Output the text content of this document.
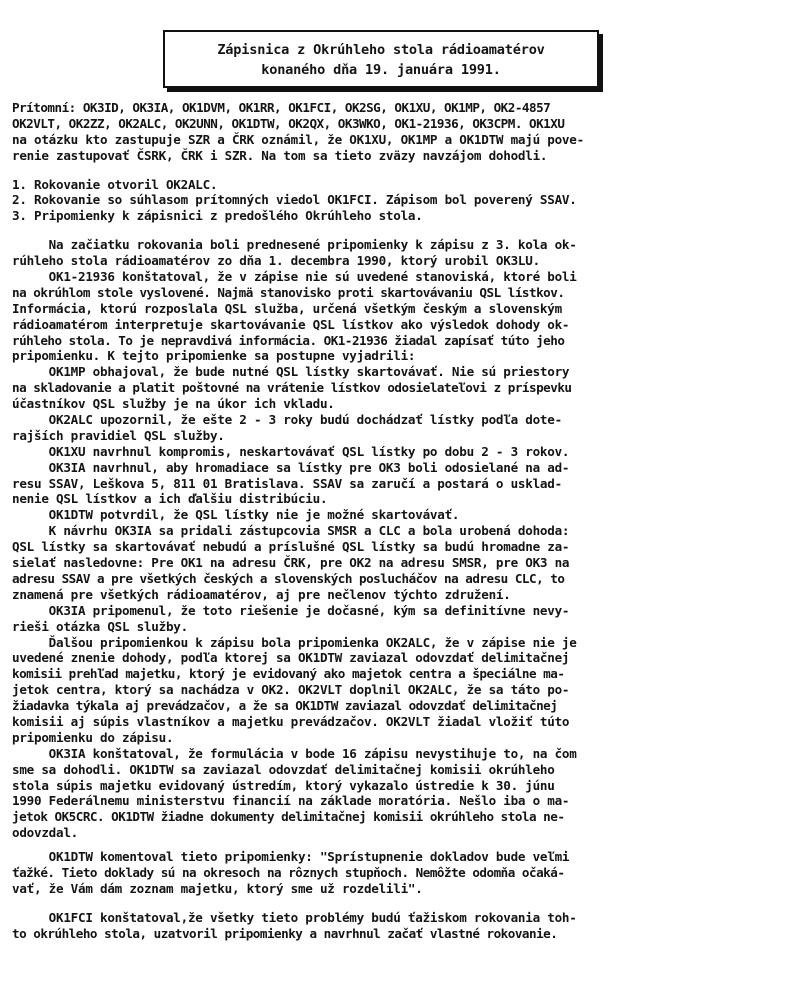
Zápisnica z Okrúhleho stola rádioamatérov
konaného dňa 19. januára 1991.
Prítomní: OK3ID, OK3IA, OK1DVM, OK1RR, OK1FCI, OK2SG, OK1XU, OK1MP, OK2-4857
OK2VLT, OK2ZZ, OK2ALC, OK2UNN, OK1DTW, OK2QX, OK3WKO, OK1-21936, OK3CPM. OK1XU
na otázku kto zastupuje SZR a ČRK oznámil, že OK1XU, OK1MP a OK1DTW majú pove-
renie zastupovať ČSRK, ČRK i SZR. Na tom sa tieto zväzy navzájom dohodli.
1. Rokovanie otvoril OK2ALC.
2. Rokovanie so súhlasom prítomných viedol OK1FCI. Zápisom bol poverený SSAV.
3. Pripomienky k zápisnici z predošlého Okrúhleho stola.
Na začiatku rokovania boli prednesené pripomienky k zápisu z 3. kola ok-
rúhleho stola rádioamatérov zo dňa 1. decembra 1990, ktorý urobil OK3LU.
OK1-21936 konštatoval, že v zápise nie sú uvedené stanoviská, ktoré boli
na okrúhlom stole vyslovené. Najmä stanovisko proti skartovávaniu QSL lístkov.
Informácia, ktorú rozposlala QSL služba, určená všetkým českým a slovenským
rádioamatérom interpretuje skartovávanie QSL lístkov ako výsledok dohody ok-
rúhleho stola. To je nepravdivá informácia. OK1-21936 žiadal zapísať túto jeho
pripomienku. K tejto pripomienke sa postupne vyjadrili:
OK1MP obhajoval, že bude nutné QSL lístky skartovávať. Nie sú priestory
na skladovanie a platit poštovné na vrátenie lístkov odosielateľovi z príspevku
účastníkov QSL služby je na úkor ich vkladu.
OK2ALC upozornil, že ešte 2 - 3 roky budú dochádzať lístky podľa dote-
rajších pravidiel QSL služby.
OK1XU navrhnul kompromis, neskartovávať QSL lístky po dobu 2 - 3 rokov.
OK3IA navrhnul, aby hromadiace sa lístky pre OK3 boli odosielané na ad-
resu SSAV, Leškova 5, 811 01 Bratislava. SSAV sa zaručí a postará o usklad-
nenie QSL lístkov a ich ďalšiu distribúciu.
OK1DTW potvrdil, že QSL lístky nie je možné skartovávať.
K návrhu OK3IA sa pridali zástupcovia SMSR a CLC a bola urobená dohoda:
QSL lístky sa skartovávať nebudú a príslušné QSL lístky sa budú hromadne za-
sielať nasledovne: Pre OK1 na adresu ČRK, pre OK2 na adresu SMSR, pre OK3 na
adresu SSAV a pre všetkých českých a slovenských poslucháčov na adresu CLC, to
znamená pre všetkých rádioamatérov, aj pre nečlenov týchto združení.
OK3IA pripomenul, že toto riešenie je dočasné, kým sa definitívne nevy-
rieši otázka QSL služby.
Ďalšou pripomienkou k zápisu bola pripomienka OK2ALC, že v zápise nie je
uvedené znenie dohody, podľa ktorej sa OK1DTW zaviazal odovzdať delimitačnej
komisii prehľad majetku, ktorý je evidovaný ako majetok centra a špeciálne ma-
jetok centra, ktorý sa nachádza v OK2. OK2VLT doplnil OK2ALC, že sa táto po-
žiadavka týkala aj prevádzačov, a že sa OK1DTW zaviazal odovzdať delimitačnej
komisii aj súpis vlastníkov a majetku prevádzačov. OK2VLT žiadal vložiť túto
pripomienku do zápisu.
OK3IA konštatoval, že formulácia v bode 16 zápisu nevystihuje to, na čom
sme sa dohodli. OK1DTW sa zaviazal odovzdať delimitačnej komisii okrúhleho
stola súpis majetku evidovaný ústredím, ktorý vykazalo ústredie k 30. júnu
1990 Federálnemu ministerstvu financií na základe moratória. Nešlo iba o ma-
jetok OK5CRC. OK1DTW žiadne dokumenty delimitačnej komisii okrúhleho stola ne-
odovzdal.
OK1DTW komentoval tieto pripomienky: "Sprístupnenie dokladov bude veľmi
ťažké. Tieto doklady sú na okresoch na rôznych stupňoch. Nemôžte odomňa očaká-
vať, že Vám dám zoznam majetku, ktorý sme už rozdelili".
OK1FCI konštatoval,že všetky tieto problémy budú ťažiskom rokovania toh-
to okrúhleho stola, uzatvoril pripomienky a navrhnul začať vlastné rokovanie.
